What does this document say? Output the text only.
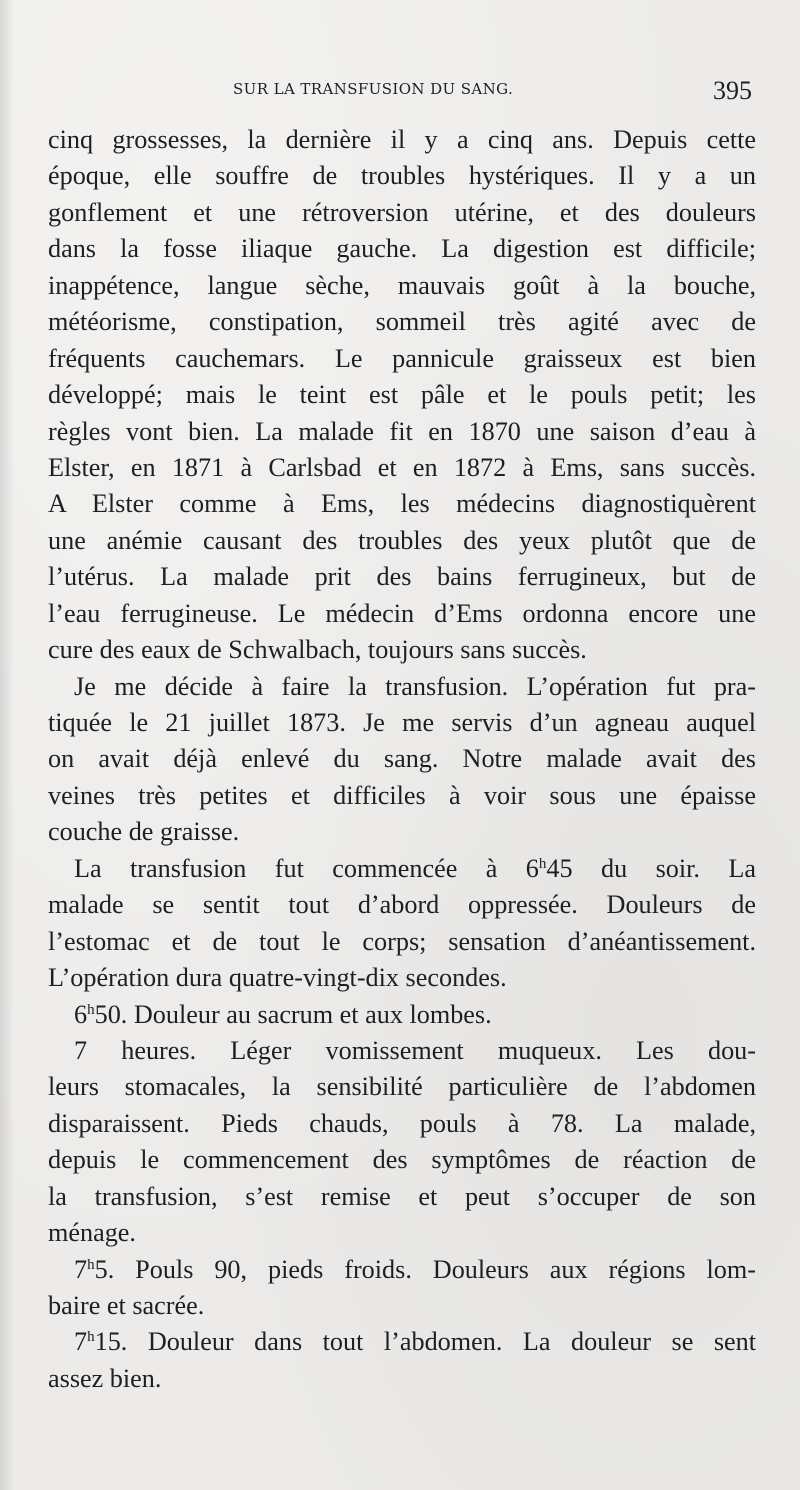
SUR LA TRANSFUSION DU SANG.	395
cinq grossesses, la dernière il y a cinq ans. Depuis cette
époque, elle souffre de troubles hystériques. Il y a un
gonflement et une rétroversion utérine, et des douleurs
dans la fosse iliaque gauche. La digestion est difficile;
inappétence, langue sèche, mauvais goût à la bouche,
météorisme, constipation, sommeil très agité avec de
fréquents cauchemars. Le pannicule graisseux est bien
développé; mais le teint est pâle et le pouls petit; les
règles vont bien. La malade fit en 1870 une saison d’eau à
Elster, en 1871 à Carlsbad et en 1872 à Ems, sans succès.
A Elster comme à Ems, les médecins diagnostiquèrent
une anémie causant des troubles des yeux plutôt que de
l’utérus. La malade prit des bains ferrugineux, but de
l’eau ferrugineuse. Le médecin d’Ems ordonna encore une
cure des eaux de Schwalbach, toujours sans succès.
Je me décide à faire la transfusion. L’opération fut pra-
tiquée le 21 juillet 1873. Je me servis d’un agneau auquel
on avait déjà enlevé du sang. Notre malade avait des
veines très petites et difficiles à voir sous une épaisse
couche de graisse.
La transfusion fut commencée à 6$^h$45 du soir. La
malade se sentit tout d’abord oppressée. Douleurs de
l’estomac et de tout le corps; sensation d’anéantissement.
L’opération dura quatre-vingt-dix secondes.
6$^h$50. Douleur au sacrum et aux lombes.
7 heures. Léger vomissement muqueux. Les dou-
leurs stomacales, la sensibilité particulière de l’abdomen
disparaissent. Pieds chauds, pouls à 78. La malade,
depuis le commencement des symptômes de réaction de
la transfusion, s’est remise et peut s’occuper de son
ménage.
7$^h$5. Pouls 90, pieds froids. Douleurs aux régions lom-
baire et sacrée.
7$^h$15. Douleur dans tout l’abdomen. La douleur se sent
assez bien.
